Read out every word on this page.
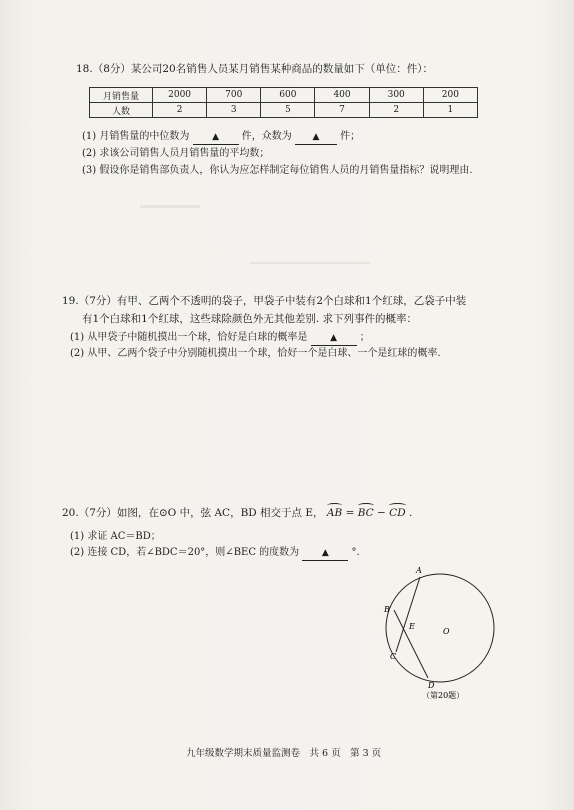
18.（8分）某公司20名销售人员某月销售某种商品的数量如下（单位：件）：
月销售量	2000	700	600	400	300	200
人数	2	3	5	7	2	1
(1) 月销售量的中位数为	▲ 件，众数为 ▲ 件；
(2) 求该公司销售人员月销售量的平均数；
(3) 假设你是销售部负责人，你认为应怎样制定每位销售人员的月销售量指标？说明理由.
19.（7分）有甲、乙两个不透明的袋子，甲袋子中装有2个白球和1个红球，乙袋子中装
有1个白球和1个红球，这些球除颜色外无其他差别. 求下列事件的概率：
(1) 从甲袋子中随机摸出一个球，恰好是白球的概率是	▲ ；
(2) 从甲、乙两个袋子中分别随机摸出一个球，恰好一个是白球、一个是红球的概率.
20.（7分）如图，在⊙O 中，弦 AC，BD 相交于点 E， AB = BC − CD .
(1) 求证 AC＝BD；
(2) 连接 CD，若∠BDC＝20°，则∠BEC 的度数为	▲ °.
A
B
C
D
E
O
（第20题）
九年级数学期末质量监测卷　共 6 页　第 3 页
